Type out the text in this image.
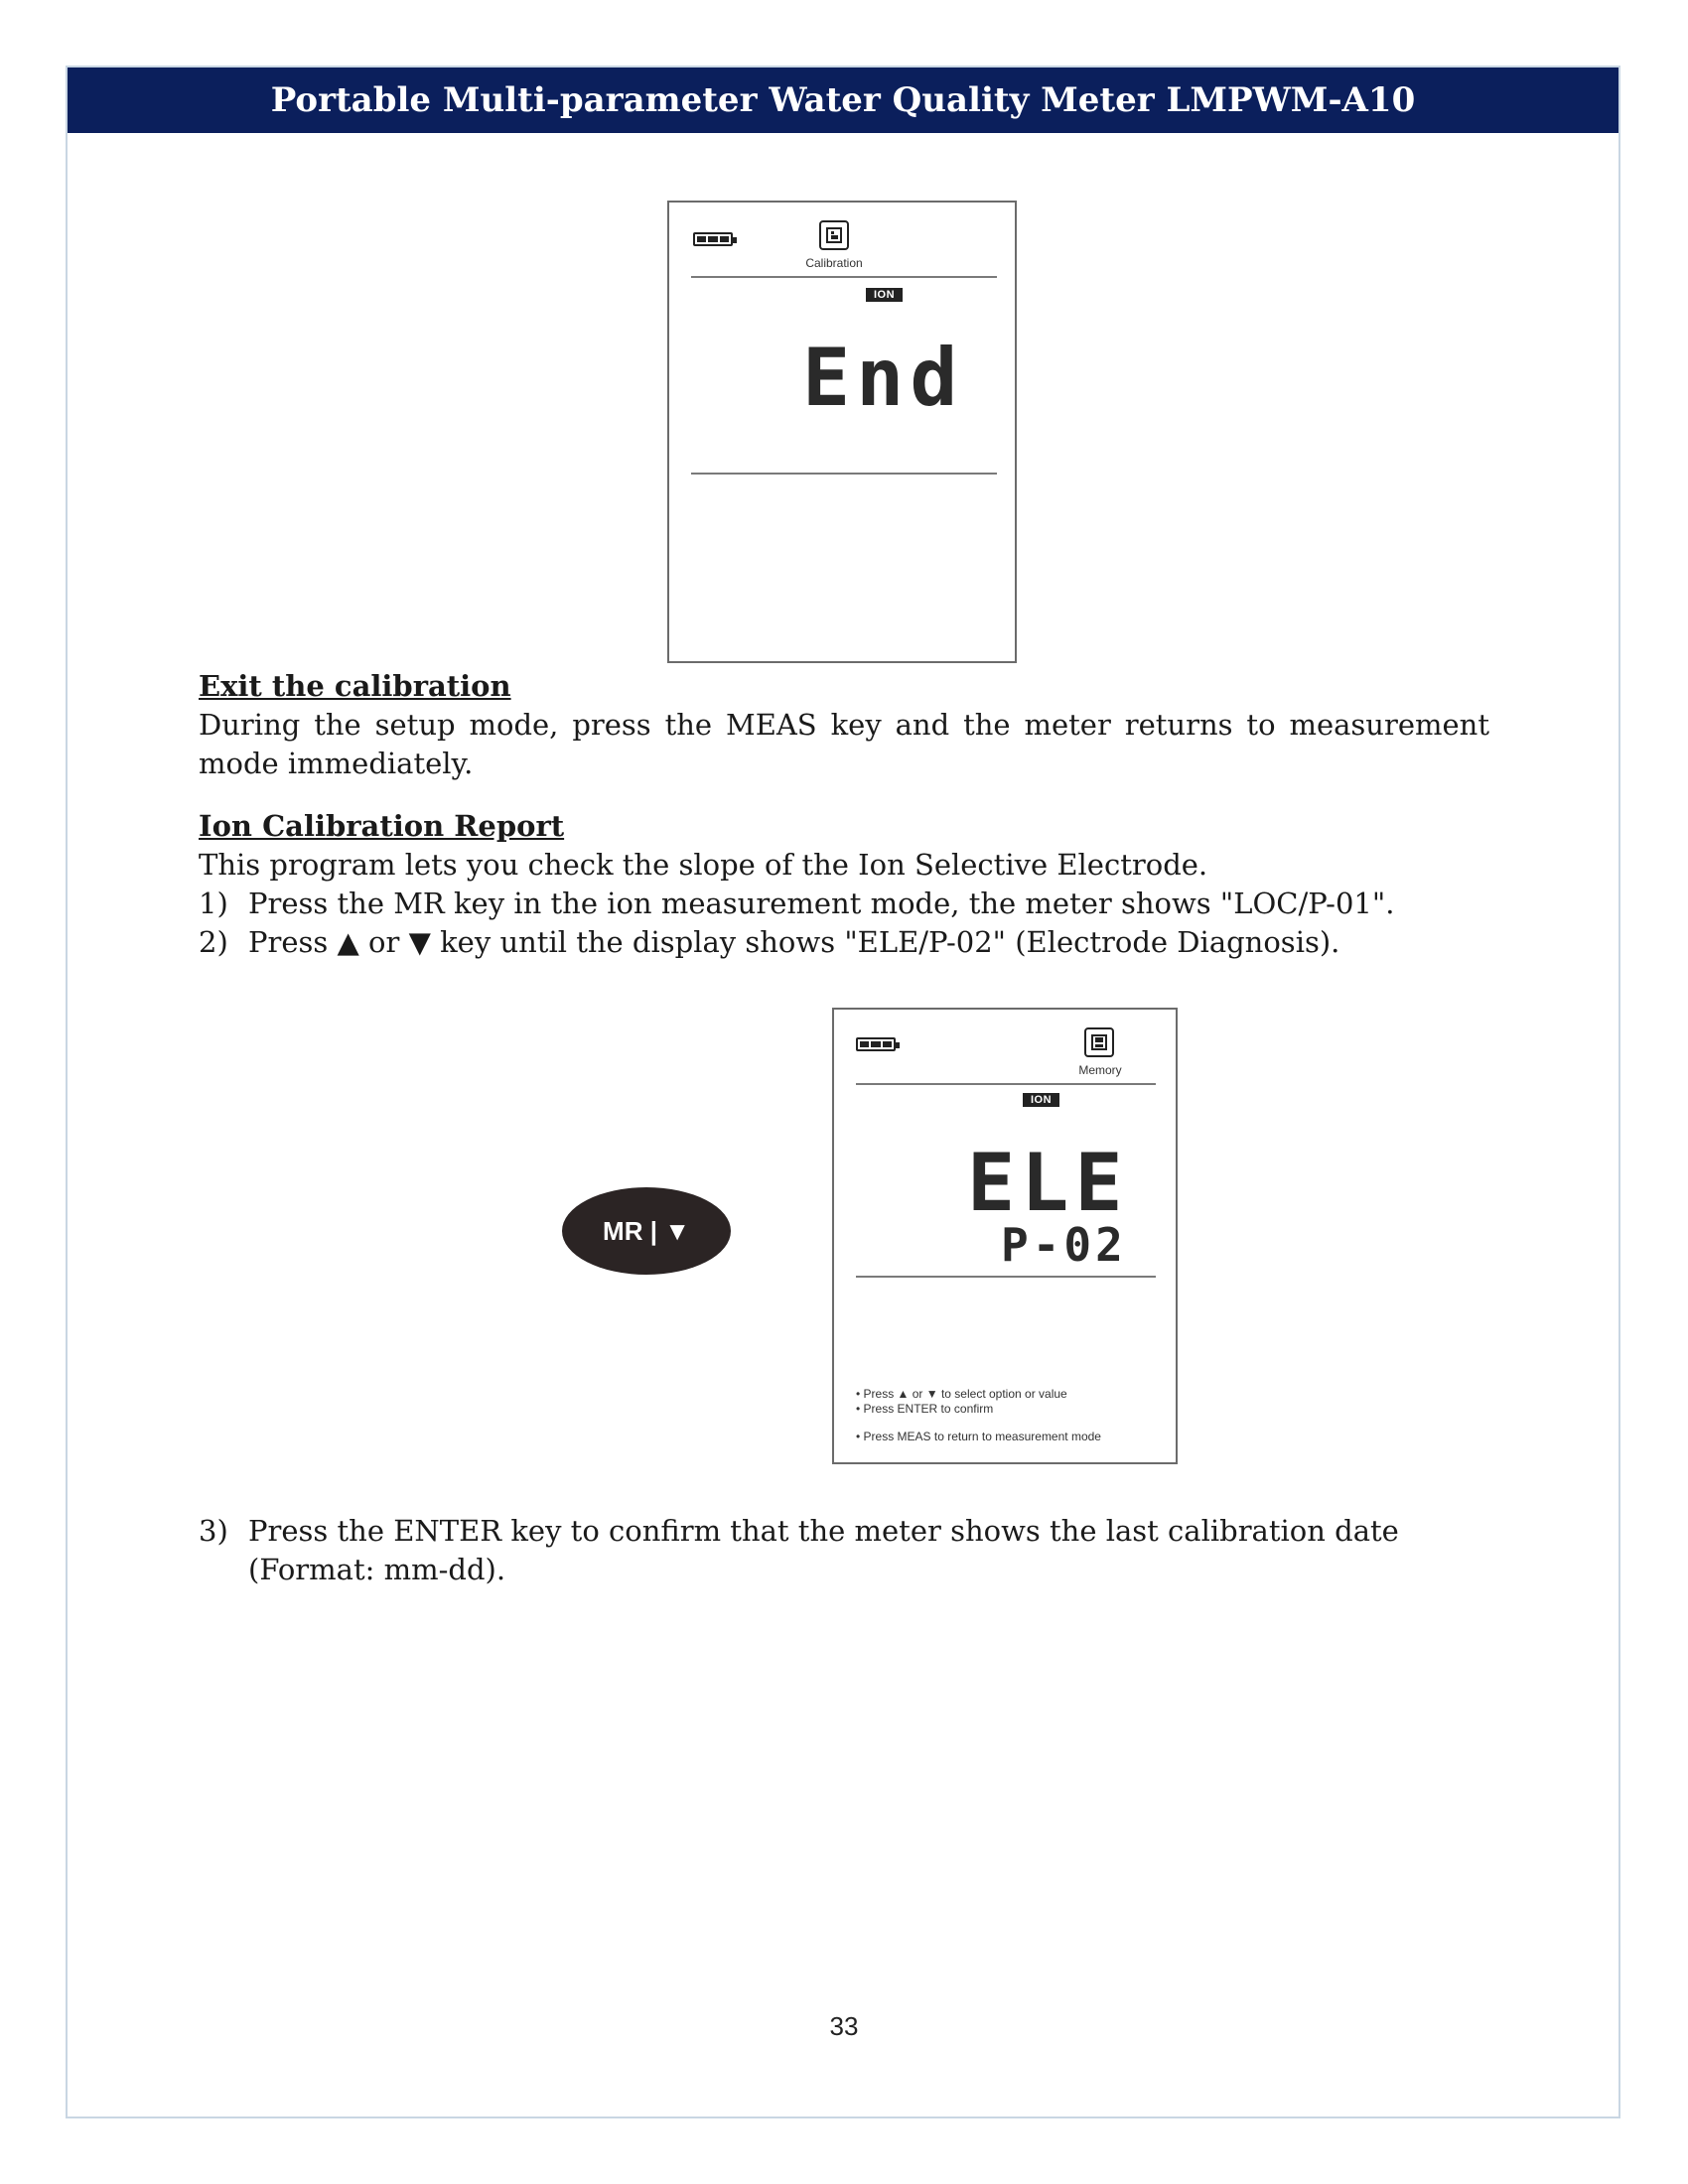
Portable Multi-parameter Water Quality Meter LMPWM-A10
Calibration
ION
End

Exit the calibration

During the setup mode, press the MEAS key and the meter returns to measurement mode immediately.

Ion Calibration Report

This program lets you check the slope of the Ion Selective Electrode.

1) Press the MR key in the ion measurement mode, the meter shows "LOC/P-01".
2) Press ▲ or ▼ key until the display shows "ELE/P-02" (Electrode Diagnosis).
MR | ▼
Memory
ION
ELE
P-02
• Press ▲ or ▼ to select option or value
• Press ENTER to confirm
• Press MEAS to return to measurement mode
3) Press the ENTER key to confirm that the meter shows the last calibration date (Format: mm-dd).
33
